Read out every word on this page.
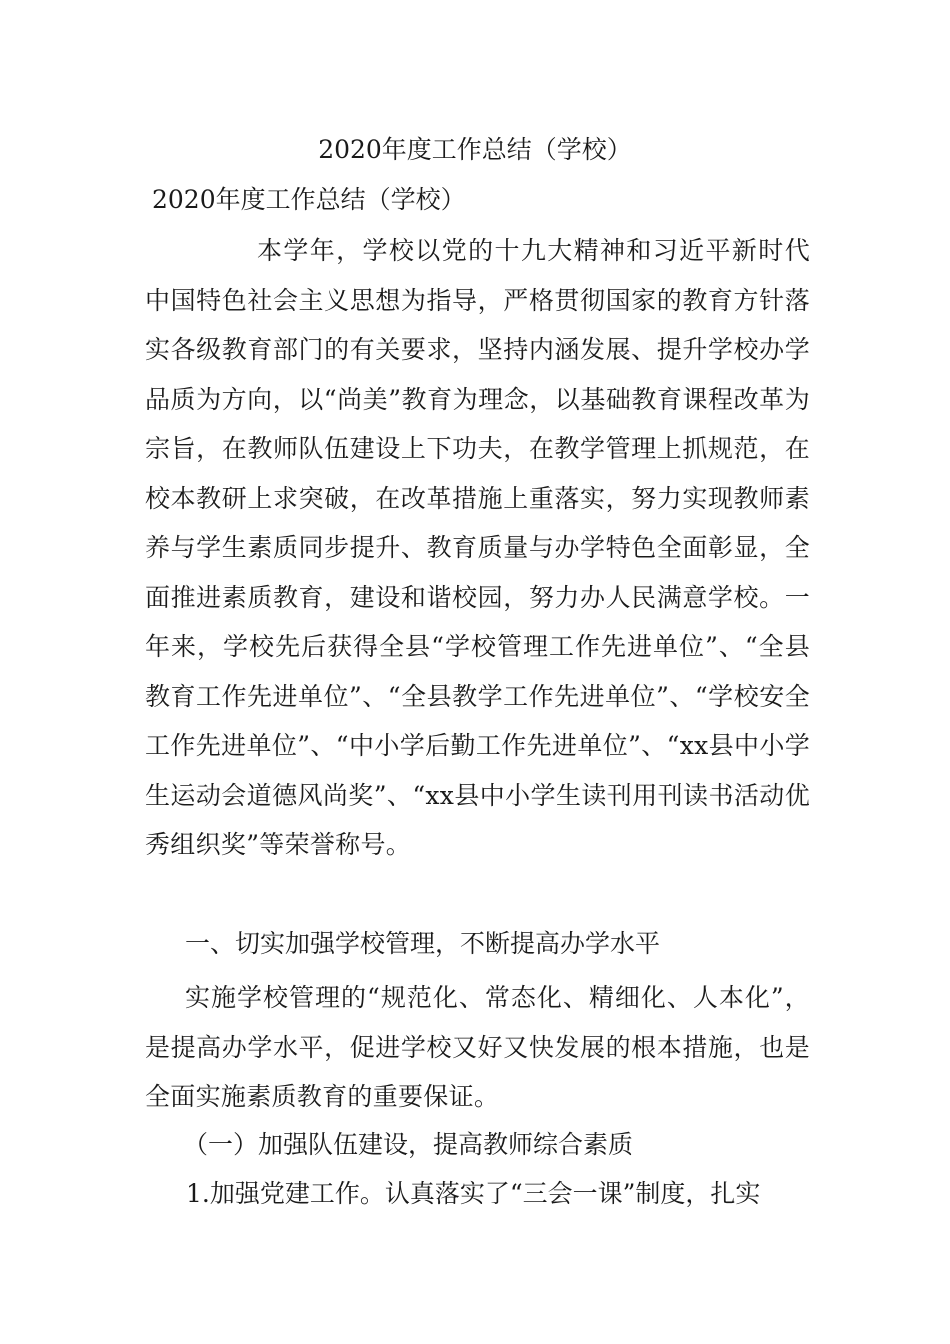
2020年度工作总结（学校）

2020年度工作总结（学校）

本学年，学校以党的十九大精神和习近平新时代中国特色社会主义思想为指导，严格贯彻国家的教育方针落实各级教育部门的有关要求，坚持内涵发展、提升学校办学品质为方向，以“尚美”教育为理念，以基础教育课程改革为宗旨，在教师队伍建设上下功夫，在教学管理上抓规范，在校本教研上求突破，在改革措施上重落实，努力实现教师素养与学生素质同步提升、教育质量与办学特色全面彰显，全面推进素质教育，建设和谐校园，努力办人民满意学校。一年来，学校先后获得全县“学校管理工作先进单位”、“全县教育工作先进单位”、“全县教学工作先进单位”、“学校安全工作先进单位”、“中小学后勤工作先进单位”、“xx县中小学生运动会道德风尚奖”、“xx县中小学生读刊用刊读书活动优秀组织奖”等荣誉称号。

一、切实加强学校管理，不断提高办学水平

实施学校管理的“规范化、常态化、精细化、人本化”，是提高办学水平，促进学校又好又快发展的根本措施，也是全面实施素质教育的重要保证。

（一）加强队伍建设，提高教师综合素质

1.加强党建工作。认真落实了“三会一课”制度，扎实
